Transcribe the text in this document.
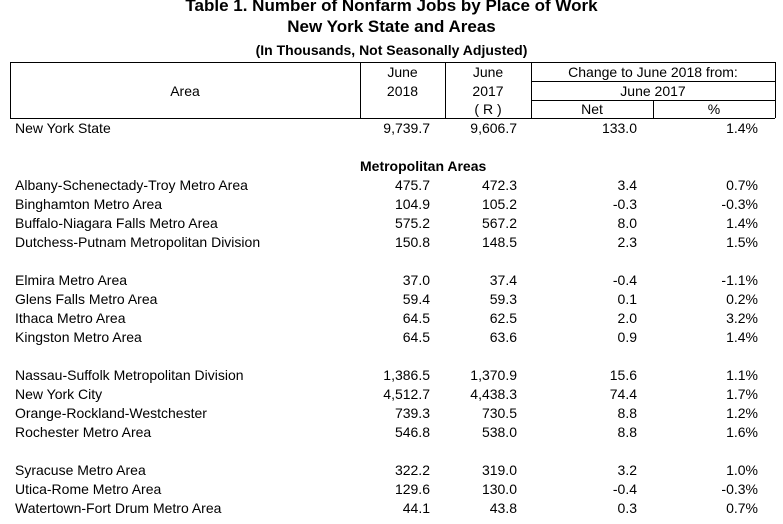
Table 1. Number of Nonfarm Jobs by Place of Work
New York State and Areas
(In Thousands, Not Seasonally Adjusted)
Area
June
2018
June
2017
( R )
Change to June 2018 from:
June 2017
Net	%
New York State	9,739.7	9,606.7	133.0	1.4%
Metropolitan Areas
Albany-Schenectady-Troy Metro Area	475.7	472.3	3.4	0.7%
Binghamton Metro Area	104.9	105.2	-0.3	-0.3%
Buffalo-Niagara Falls Metro Area	575.2	567.2	8.0	1.4%
Dutchess-Putnam Metropolitan Division	150.8	148.5	2.3	1.5%
Elmira Metro Area	37.0	37.4	-0.4	-1.1%
Glens Falls Metro Area	59.4	59.3	0.1	0.2%
Ithaca Metro Area	64.5	62.5	2.0	3.2%
Kingston Metro Area	64.5	63.6	0.9	1.4%
Nassau-Suffolk Metropolitan Division	1,386.5	1,370.9	15.6	1.1%
New York City	4,512.7	4,438.3	74.4	1.7%
Orange-Rockland-Westchester	739.3	730.5	8.8	1.2%
Rochester Metro Area	546.8	538.0	8.8	1.6%
Syracuse Metro Area	322.2	319.0	3.2	1.0%
Utica-Rome Metro Area	129.6	130.0	-0.4	-0.3%
Watertown-Fort Drum Metro Area	44.1	43.8	0.3	0.7%
